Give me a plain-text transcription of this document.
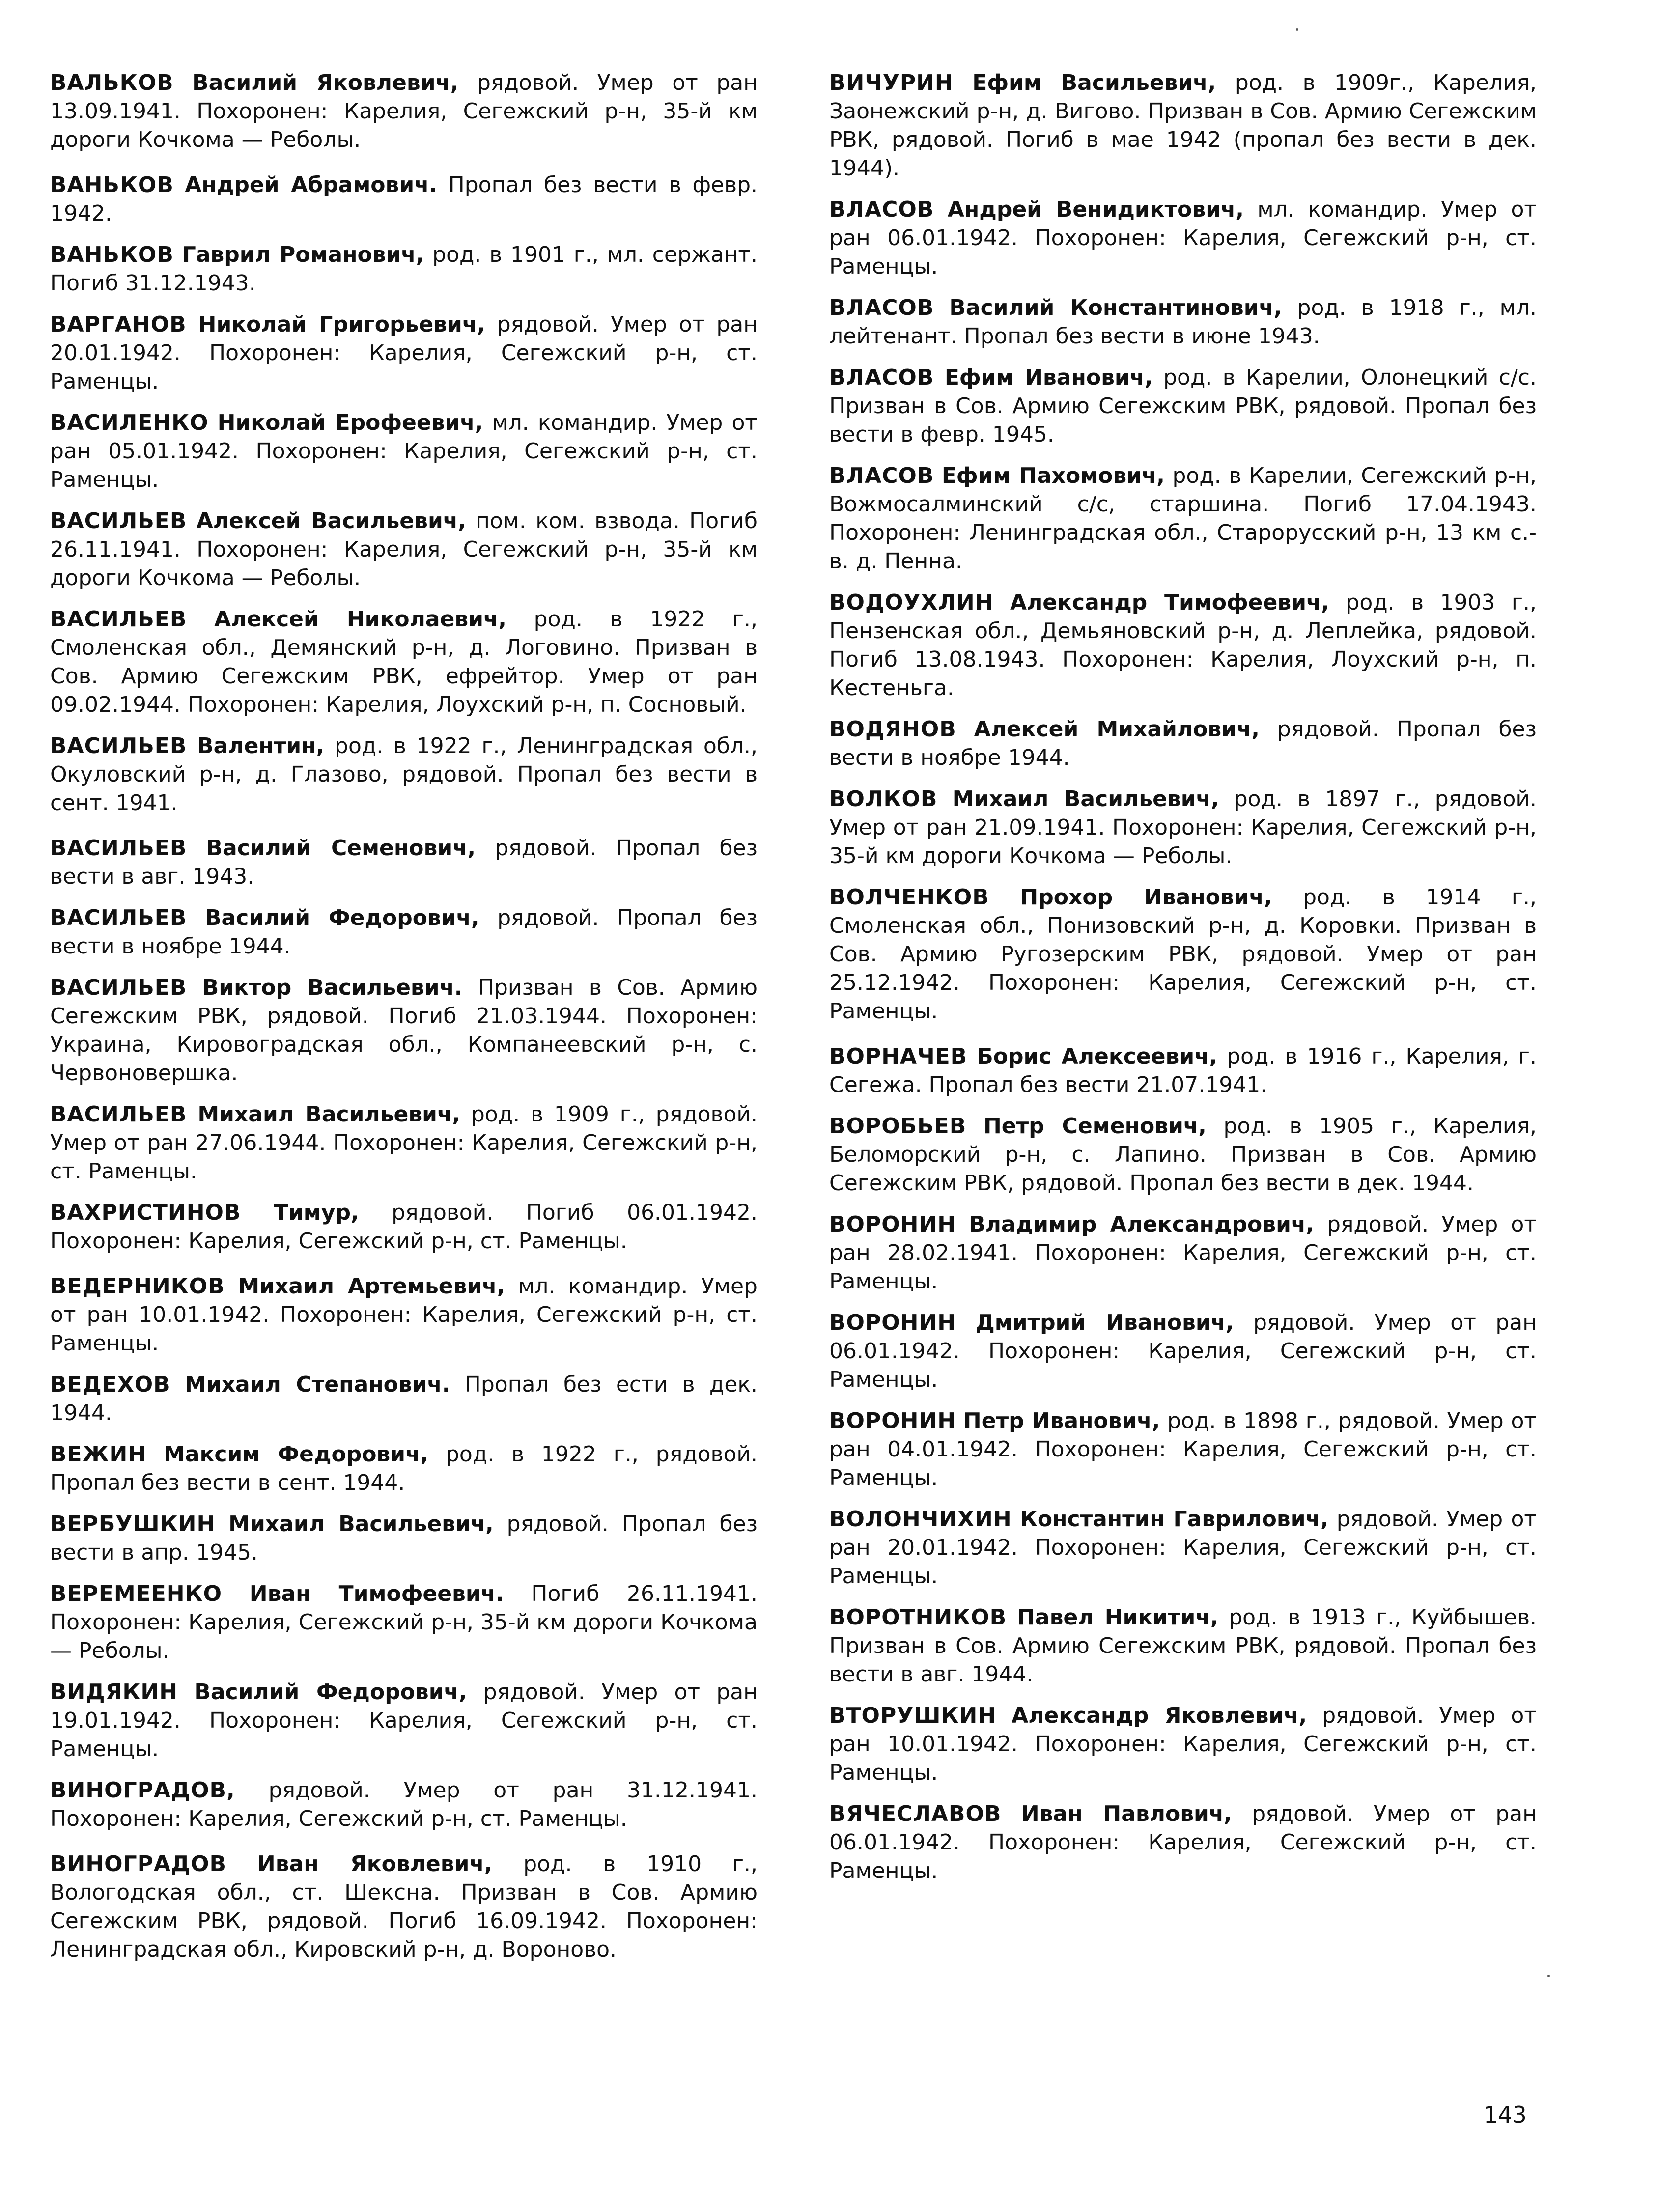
ВАЛЬКОВ Василий Яковлевич, рядовой. Умер от ран 13.09.1941. Похоронен: Карелия, Сегежский р-н, 35-й км дороги Кочкома — Реболы.

ВАНЬКОВ Андрей Абрамович. Пропал без вести в февр. 1942.

ВАНЬКОВ Гаврил Романович, род. в 1901 г., мл. сержант. Погиб 31.12.1943.

ВАРГАНОВ Николай Григорьевич, рядовой. Умер от ран 20.01.1942. Похоронен: Карелия, Сегежский р-н, ст. Раменцы.

ВАСИЛЕНКО Николай Ерофеевич, мл. командир. Умер от ран 05.01.1942. Похоронен: Карелия, Сегежский р-н, ст. Раменцы.

ВАСИЛЬЕВ Алексей Васильевич, пом. ком. взвода. Погиб 26.11.1941. Похоронен: Карелия, Сегежский р-н, 35-й км дороги Кочкома — Реболы.

ВАСИЛЬЕВ Алексей Николаевич, род. в 1922 г., Смоленская обл., Демянский р-н, д. Логовино. Призван в Сов. Армию Сегежским РВК, ефрейтор. Умер от ран 09.02.1944. Похоронен: Карелия, Лоухский р-н, п. Сосновый.

ВАСИЛЬЕВ Валентин, род. в 1922 г., Ленинградская обл., Окуловский р-н, д. Глазово, рядовой. Пропал без вести в сент. 1941.

ВАСИЛЬЕВ Василий Семенович, рядовой. Пропал без вести в авг. 1943.

ВАСИЛЬЕВ Василий Федорович, рядовой. Пропал без вести в ноябре 1944.

ВАСИЛЬЕВ Виктор Васильевич. Призван в Сов. Армию Сегежским РВК, рядовой. Погиб 21.03.1944. Похоронен: Украина, Кировоградская обл., Компанеевский р-н, с. Червоновершка.

ВАСИЛЬЕВ Михаил Васильевич, род. в 1909 г., рядовой. Умер от ран 27.06.1944. Похоронен: Карелия, Сегежский р-н, ст. Раменцы.

ВАХРИСТИНОВ Тимур, рядовой. Погиб 06.01.1942. Похоронен: Карелия, Сегежский р-н, ст. Раменцы.

ВЕДЕРНИКОВ Михаил Артемьевич, мл. командир. Умер от ран 10.01.1942. Похоронен: Карелия, Сегежский р-н, ст. Раменцы.

ВЕДЕХОВ Михаил Степанович. Пропал без ести в дек. 1944.

ВЕЖИН Максим Федорович, род. в 1922 г., рядовой. Пропал без вести в сент. 1944.

ВЕРБУШКИН Михаил Васильевич, рядовой. Пропал без вести в апр. 1945.

ВЕРЕМЕЕНКО Иван Тимофеевич. Погиб 26.11.1941. Похоронен: Карелия, Сегежский р-н, 35-й км дороги Кочкома — Реболы.

ВИДЯКИН Василий Федорович, рядовой. Умер от ран 19.01.1942. Похоронен: Карелия, Сегежский р-н, ст. Раменцы.

ВИНОГРАДОВ, рядовой. Умер от ран 31.12.1941. Похоронен: Карелия, Сегежский р-н, ст. Раменцы.

ВИНОГРАДОВ Иван Яковлевич, род. в 1910 г., Вологодская обл., ст. Шексна. Призван в Сов. Армию Сегежским РВК, рядовой. Погиб 16.09.1942. Похоронен: Ленинградская обл., Кировский р-н, д. Вороново.

ВИЧУРИН Ефим Васильевич, род. в 1909г., Карелия, Заонежский р-н, д. Вигово. Призван в Сов. Армию Сегежским РВК, рядовой. Погиб в мае 1942 (пропал без вести в дек. 1944).

ВЛАСОВ Андрей Венидиктович, мл. командир. Умер от ран 06.01.1942. Похоронен: Карелия, Сегежский р-н, ст. Раменцы.

ВЛАСОВ Василий Константинович, род. в 1918 г., мл. лейтенант. Пропал без вести в июне 1943.

ВЛАСОВ Ефим Иванович, род. в Карелии, Олонецкий с/с. Призван в Сов. Армию Сегежским РВК, рядовой. Пропал без вести в февр. 1945.

ВЛАСОВ Ефим Пахомович, род. в Карелии, Сегежский р-н, Вожмосалминский с/с, старшина. Погиб 17.04.1943. Похоронен: Ленинградская обл., Старорусский р-н, 13 км с.-в. д. Пенна.

ВОДОУХЛИН Александр Тимофеевич, род. в 1903 г., Пензенская обл., Демьяновский р-н, д. Леплейка, рядовой. Погиб 13.08.1943. Похоронен: Карелия, Лоухский р-н, п. Кестеньга.

ВОДЯНОВ Алексей Михайлович, рядовой. Пропал без вести в ноябре 1944.

ВОЛКОВ Михаил Васильевич, род. в 1897 г., рядовой. Умер от ран 21.09.1941. Похоронен: Карелия, Сегежский р-н, 35-й км дороги Кочкома — Реболы.

ВОЛЧЕНКОВ Прохор Иванович, род. в 1914 г., Смоленская обл., Понизовский р-н, д. Коровки. Призван в Сов. Армию Ругозерским РВК, рядовой. Умер от ран 25.12.1942. Похоронен: Карелия, Сегежский р-н, ст. Раменцы.

ВОРНАЧЕВ Борис Алексеевич, род. в 1916 г., Карелия, г. Сегежа. Пропал без вести 21.07.1941.

ВОРОБЬЕВ Петр Семенович, род. в 1905 г., Карелия, Беломорский р-н, с. Лапино. Призван в Сов. Армию Сегежским РВК, рядовой. Пропал без вести в дек. 1944.

ВОРОНИН Владимир Александрович, рядовой. Умер от ран 28.02.1941. Похоронен: Карелия, Сегежский р-н, ст. Раменцы.

ВОРОНИН Дмитрий Иванович, рядовой. Умер от ран 06.01.1942. Похоронен: Карелия, Сегежский р-н, ст. Раменцы.

ВОРОНИН Петр Иванович, род. в 1898 г., рядовой. Умер от ран 04.01.1942. Похоронен: Карелия, Сегежский р-н, ст. Раменцы.

ВОЛОНЧИХИН Константин Гаврилович, рядовой. Умер от ран 20.01.1942. Похоронен: Карелия, Сегежский р-н, ст. Раменцы.

ВОРОТНИКОВ Павел Никитич, род. в 1913 г., Куйбышев. Призван в Сов. Армию Сегежским РВК, рядовой. Пропал без вести в авг. 1944.

ВТОРУШКИН Александр Яковлевич, рядовой. Умер от ран 10.01.1942. Похоронен: Карелия, Сегежский р-н, ст. Раменцы.

ВЯЧЕСЛАВОВ Иван Павлович, рядовой. Умер от ран 06.01.1942. Похоронен: Карелия, Сегежский р-н, ст. Раменцы.

143
